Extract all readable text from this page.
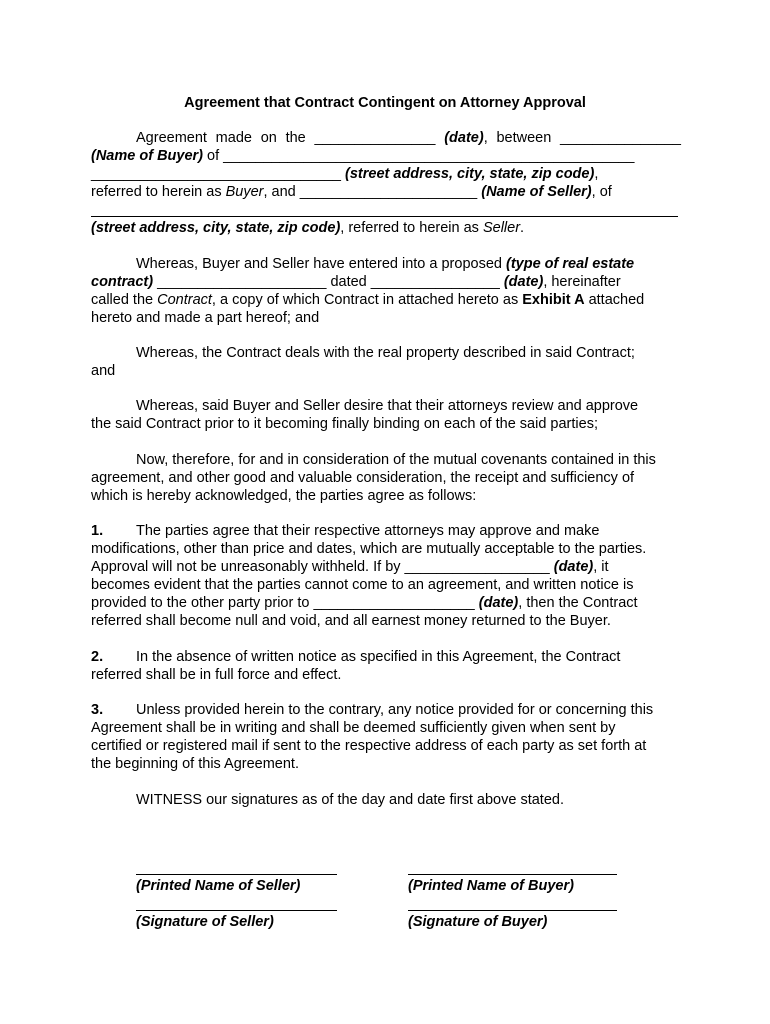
Agreement that Contract Contingent on Attorney Approval
Agreement made on the _______________ (date), between _______________
(Name of Buyer) of ___________________________________________________
_______________________________ (street address, city, state, zip code),
referred to herein as Buyer, and ______________________ (Name of Seller), of
(street address, city, state, zip code), referred to herein as Seller.
Whereas, Buyer and Seller have entered into a proposed (type of real estate
contract) _____________________ dated ________________ (date), hereinafter
called the Contract, a copy of which Contract in attached hereto as Exhibit A attached
hereto and made a part hereof; and
Whereas, the Contract deals with the real property described in said Contract;
and
Whereas, said Buyer and Seller desire that their attorneys review and approve
the said Contract prior to it becoming finally binding on each of the said parties;
Now, therefore, for and in consideration of the mutual covenants contained in this
agreement, and other good and valuable consideration, the receipt and sufficiency of
which is hereby acknowledged, the parties agree as follows:
1. The parties agree that their respective attorneys may approve and make
modifications, other than price and dates, which are mutually acceptable to the parties.
Approval will not be unreasonably withheld. If by __________________ (date), it
becomes evident that the parties cannot come to an agreement, and written notice is
provided to the other party prior to ____________________ (date), then the Contract
referred shall become null and void, and all earnest money returned to the Buyer.
2. In the absence of written notice as specified in this Agreement, the Contract
referred shall be in full force and effect.
3. Unless provided herein to the contrary, any notice provided for or concerning this
Agreement shall be in writing and shall be deemed sufficiently given when sent by
certified or registered mail if sent to the respective address of each party as set forth at
the beginning of this Agreement.
WITNESS our signatures as of the day and date first above stated.
(Printed Name of Seller)	(Printed Name of Buyer)
(Signature of Seller)	(Signature of Buyer)
